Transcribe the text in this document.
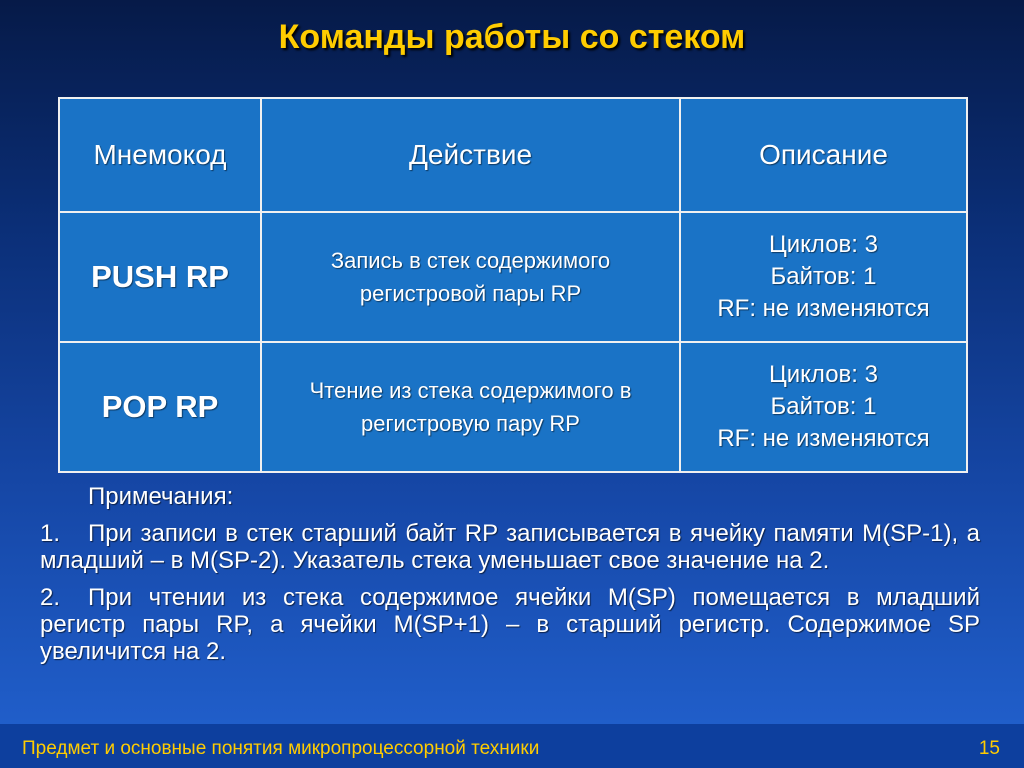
Команды работы со стеком
Мнемокод	Действие	Описание
PUSH RP	Запись в стек содержимого регистровой пары RP	Циклов: 3
Байтов: 1
RF: не изменяются

POP RP	Чтение из стека содержимого в регистровую пару RP	Циклов: 3
Байтов: 1
RF: не изменяются
Примечания:
1. При записи в стек старший байт RP записывается в ячейку памяти M(SP-1), а младший – в M(SP-2). Указатель стека уменьшает свое значение на 2.
2. При чтении из стека содержимое ячейки M(SP) помещается в младший регистр пары RP, а ячейки M(SP+1) – в старший регистр. Содержимое SP увеличится на 2.
Предмет и основные понятия микропроцессорной техники	15
